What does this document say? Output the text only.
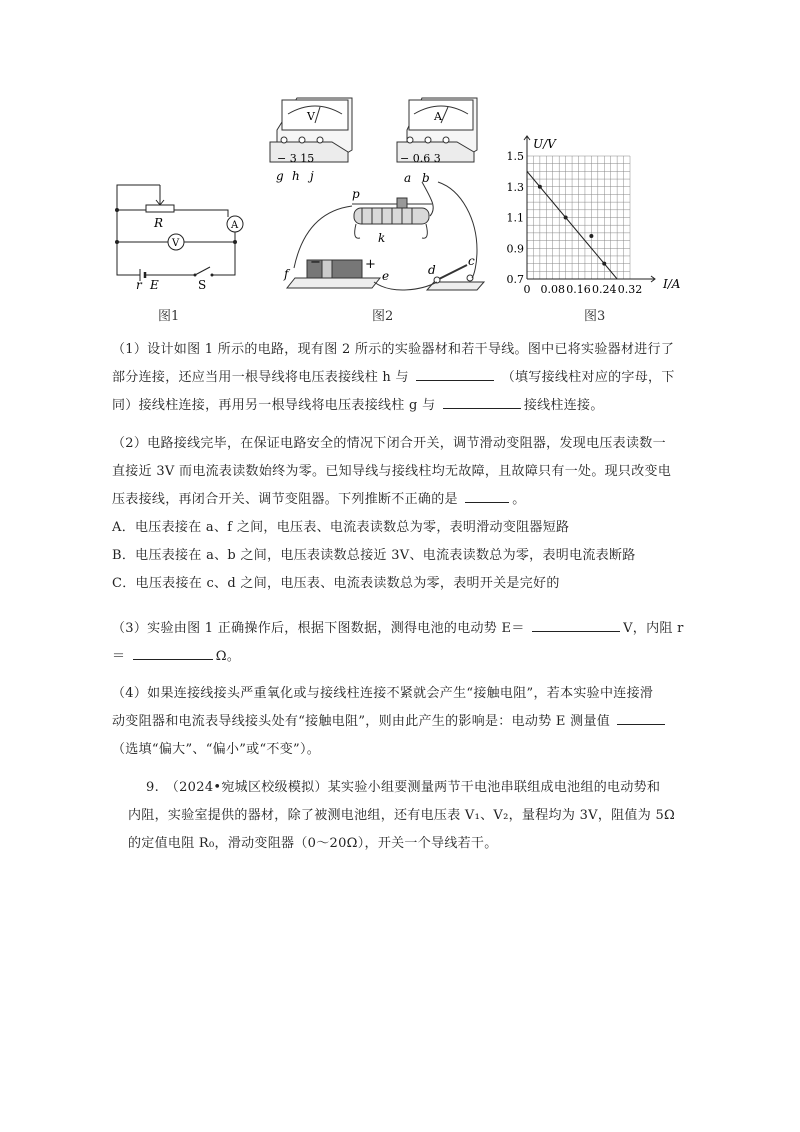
R	A
V
r E	S
图1
V
− 3 15
g h j
A
− 0.6 3
a b
p
k
−	+
f	e	d
c
图2
0 0.08 0.16 0.24 0.32
1.5
1.3
1.1
0.9
0.7
U/V
I/A
图3
（1）设计如图 1 所示的电路，现有图 2 所示的实验器材和若干导线。图中已将实验器材进行了
部分连接，还应当用一根导线将电压表接线柱 h 与	（填写接线柱对应的字母，下
同）接线柱连接，再用另一根导线将电压表接线柱 g 与	接线柱连接。
（2）电路接线完毕，在保证电路安全的情况下闭合开关，调节滑动变阻器，发现电压表读数一
直接近 3V 而电流表读数始终为零。已知导线与接线柱均无故障，且故障只有一处。现只改变电
压表接线，再闭合开关、调节变阻器。下列推断不正确的是	。
A．电压表接在 a、f 之间，电压表、电流表读数总为零，表明滑动变阻器短路
B．电压表接在 a、b 之间，电压表读数总接近 3V、电流表读数总为零，表明电流表断路
C．电压表接在 c、d 之间，电压表、电流表读数总为零，表明开关是完好的
（3）实验由图 1 正确操作后，根据下图数据，测得电池的电动势 E＝	V，内阻 r
＝	Ω。
（4）如果连接线接头严重氧化或与接线柱连接不紧就会产生“接触电阻”，若本实验中连接滑
动变阻器和电流表导线接头处有“接触电阻”，则由此产生的影响是：电动势 E 测量值
（选填“偏大”、“偏小”或“不变”）。
9.　（2024•宛城区校级模拟）某实验小组要测量两节干电池串联组成电池组的电动势和
内阻，实验室提供的器材，除了被测电池组，还有电压表 V₁、V₂，量程均为 3V，阻值为 5Ω
的定值电阻 R₀，滑动变阻器（0～20Ω），开关一个导线若干。
